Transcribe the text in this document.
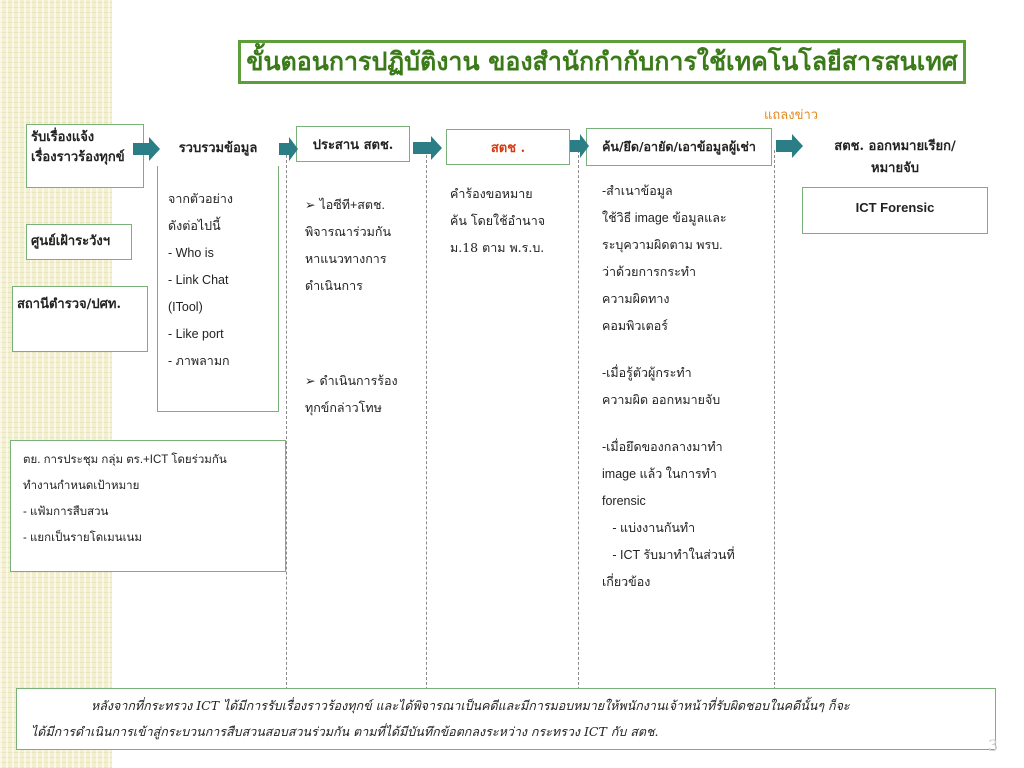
ขั้นตอนการปฏิบัติงาน ของสำนักกำกับการใช้เทคโนโลยีสารสนเทศ
แถลงข่าว
รับเรื่องแจ้ง
เรื่องราวร้องทุกข์
ศูนย์เฝ้าระวังฯ
สถานีตำรวจ/ปศท.
รวบรวมข้อมูล	ประสาน สตช.	สตช .	ค้น/ยึด/อายัด/เอาข้อมูลผู้เช่า	สตช. ออกหมายเรียก/
หมายจับ
ICT Forensic
จากตัวอย่าง
ดังต่อไปนี้
- Who is
- Link Chat
(ITool)
- Like port
- ภาพลามก
➢ ไอซีที+สตช.
พิจารณาร่วมกัน
หาแนวทางการ
ดำเนินการ
➢ ดำเนินการร้อง
ทุกข์กล่าวโทษ
คำร้องขอหมาย
ค้น โดยใช้อำนาจ
ม.18 ตาม พ.ร.บ.
-สำเนาข้อมูล
ใช้วิธี image ข้อมูลและ
ระบุความผิดตาม พรบ.
ว่าด้วยการกระทำ
ความผิดทาง
คอมพิวเตอร์
-เมื่อรู้ตัวผู้กระทำ
ความผิด ออกหมายจับ
-เมื่อยึดของกลางมาทำ
image แล้ว ในการทำ
forensic
- แบ่งงานกันทำ
- ICT รับมาทำในส่วนที่
เกี่ยวข้อง
ตย. การประชุม กลุ่ม ตร.+ICT โดยร่วมกัน
ทำงานกำหนดเป้าหมาย
- แฟ้มการสืบสวน
- แยกเป็นรายโดเมนเนม
หลังจากที่กระทรวง ICT ได้มีการรับเรื่องราวร้องทุกข์ และได้พิจารณาเป็นคดีและมีการมอบหมายให้พนักงานเจ้าหน้าที่รับผิดชอบในคดีนั้นๆ ก็จะ
ได้มีการดำเนินการเข้าสู่กระบวนการสืบสวนสอบสวนร่วมกัน ตามที่ได้มีบันทึกข้อตกลงระหว่าง กระทรวง ICT กับ สตช.
3
